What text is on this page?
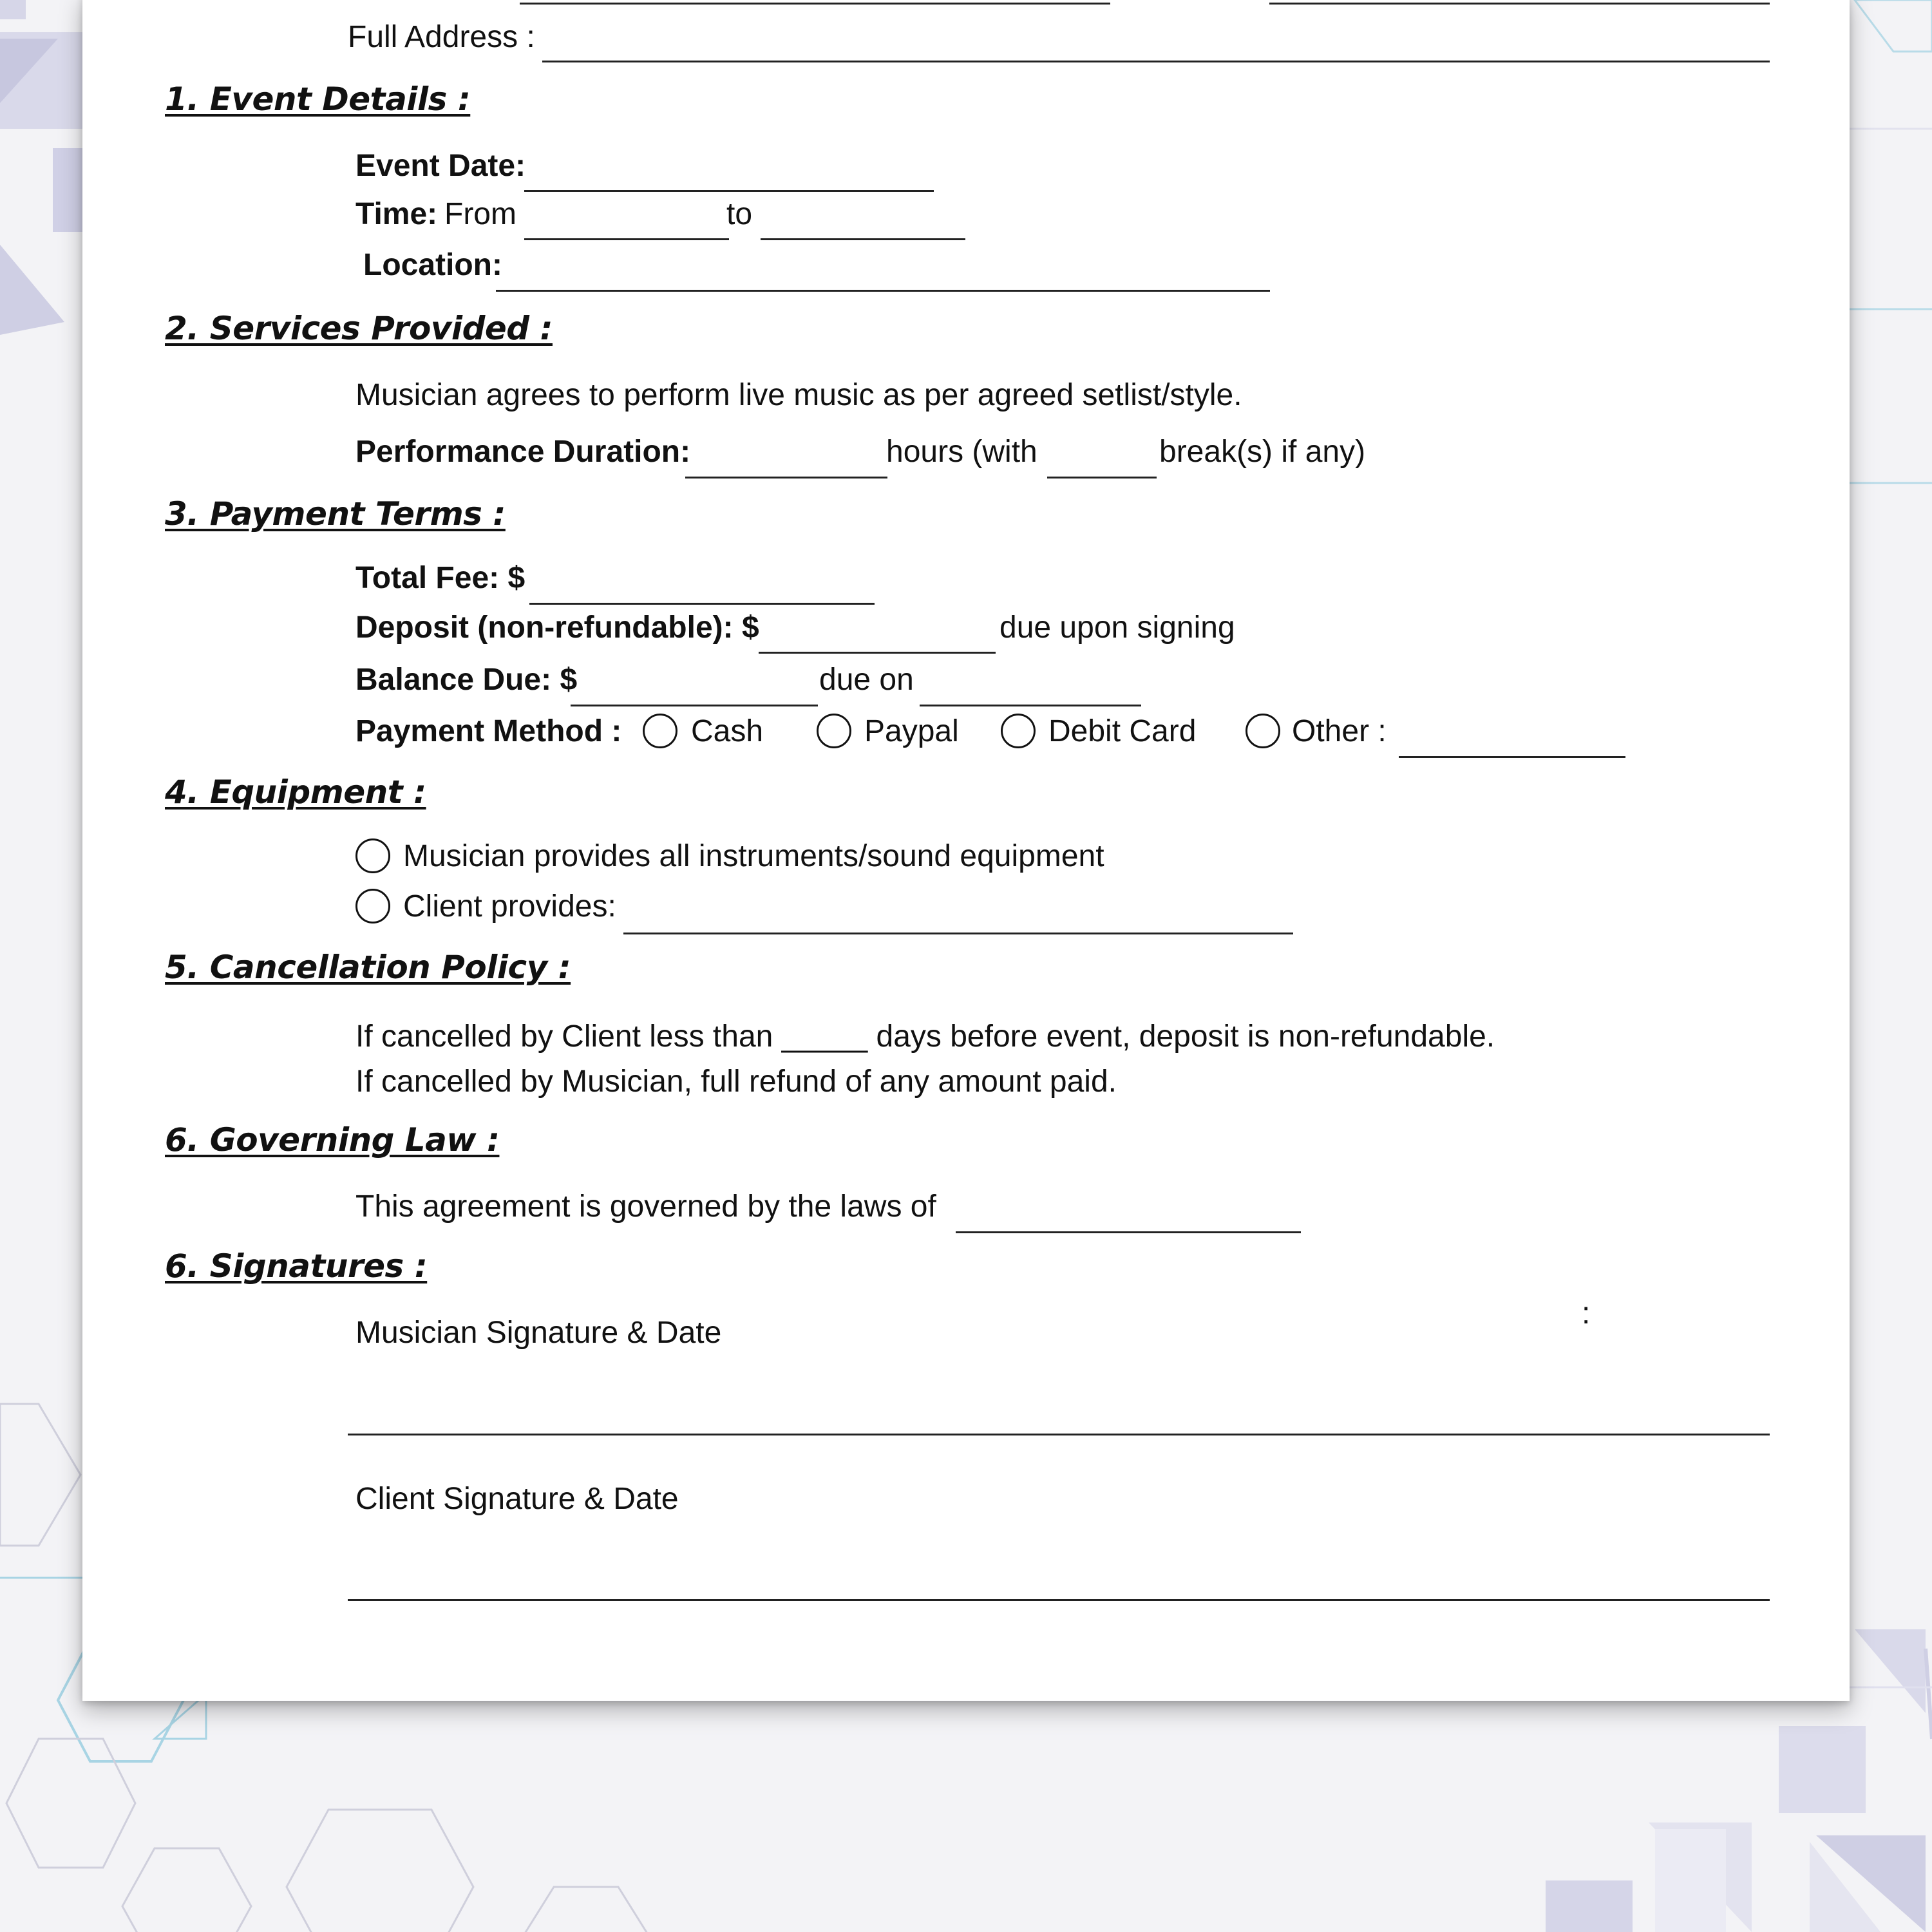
Full Address :
1. Event Details :
Event Date:
Time: From	to
Location:
2. Services Provided :
Musician agrees to perform live music as per agreed setlist/style.
Performance Duration:	hours (with	break(s) if any)
3. Payment Terms :
Total Fee: $
Deposit (non-refundable): $	due upon signing
Balance Due: $	due on
Payment Method : Cash	Paypal	Debit Card	Other :
4. Equipment :
Musician provides all instruments/sound equipment
Client provides:
5. Cancellation Policy :
If cancelled by Client less than _____ days before event, deposit is non-refundable.
If cancelled by Musician, full refund of any amount paid.
6. Governing Law :
This agreement is governed by the laws of
6. Signatures :
:
Musician Signature & Date
Client Signature & Date
